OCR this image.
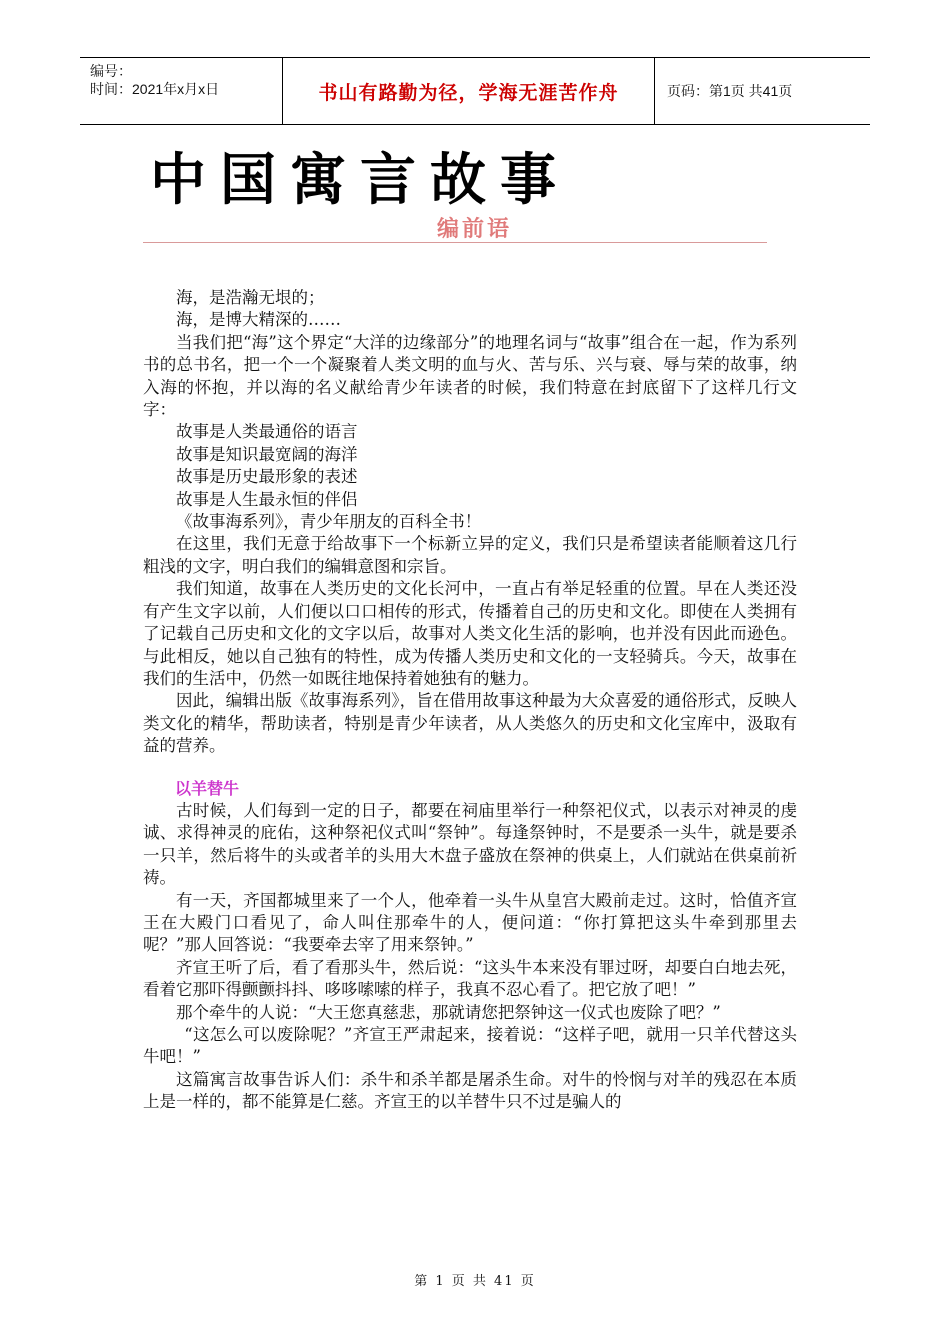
编号：
时间：2021年x月x日	书山有路勤为径，学海无涯苦作舟	页码：第1页 共41页
中国寓言故事
编前语

海，是浩瀚无垠的；

海，是博大精深的……

当我们把“海”这个界定“大洋的边缘部分”的地理名词与“故事”组合在一起，作为系列书的总书名，把一个一个凝聚着人类文明的血与火、苦与乐、兴与衰、辱与荣的故事，纳入海的怀抱，并以海的名义献给青少年读者的时候，我们特意在封底留下了这样几行文字：

故事是人类最通俗的语言

故事是知识最宽阔的海洋

故事是历史最形象的表述

故事是人生最永恒的伴侣

《故事海系列》，青少年朋友的百科全书！

在这里，我们无意于给故事下一个标新立异的定义，我们只是希望读者能顺着这几行粗浅的文字，明白我们的编辑意图和宗旨。

我们知道，故事在人类历史的文化长河中，一直占有举足轻重的位置。早在人类还没有产生文字以前，人们便以口口相传的形式，传播着自己的历史和文化。即使在人类拥有了记载自己历史和文化的文字以后，故事对人类文化生活的影响，也并没有因此而逊色。与此相反，她以自己独有的特性，成为传播人类历史和文化的一支轻骑兵。今天，故事在我们的生活中，仍然一如既往地保持着她独有的魅力。

因此，编辑出版《故事海系列》，旨在借用故事这种最为大众喜爱的通俗形式，反映人类文化的精华，帮助读者，特别是青少年读者，从人类悠久的历史和文化宝库中，汲取有益的营养。

以羊替牛

古时候，人们每到一定的日子，都要在祠庙里举行一种祭祀仪式，以表示对神灵的虔诚、求得神灵的庇佑，这种祭祀仪式叫“祭钟”。每逢祭钟时，不是要杀一头牛，就是要杀一只羊，然后将牛的头或者羊的头用大木盘子盛放在祭神的供桌上，人们就站在供桌前祈祷。

有一天，齐国都城里来了一个人，他牵着一头牛从皇宫大殿前走过。这时，恰值齐宣王在大殿门口看见了，命人叫住那牵牛的人，便问道：“你打算把这头牛牵到那里去呢？”那人回答说：“我要牵去宰了用来祭钟。”

齐宣王听了后，看了看那头牛，然后说：“这头牛本来没有罪过呀，却要白白地去死，看着它那吓得颤颤抖抖、哆哆嗦嗦的样子，我真不忍心看了。把它放了吧！”

那个牵牛的人说：“大王您真慈悲，那就请您把祭钟这一仪式也废除了吧？”

“这怎么可以废除呢？”齐宣王严肃起来，接着说：“这样子吧，就用一只羊代替这头牛吧！”

这篇寓言故事告诉人们：杀牛和杀羊都是屠杀生命。对牛的怜悯与对羊的残忍在本质上是一样的，都不能算是仁慈。齐宣王的以羊替牛只不过是骗人的

第 1 页 共 41 页
